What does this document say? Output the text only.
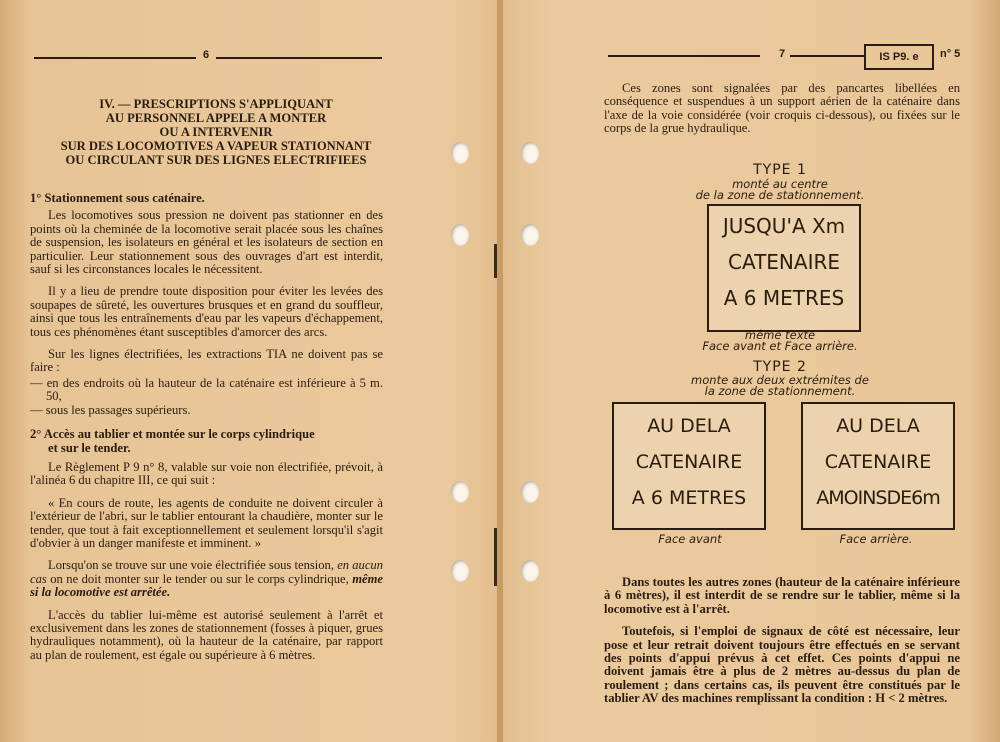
6	7	IS P9. e	n° 5
IV. — PRESCRIPTIONS S'APPLIQUANT
AU PERSONNEL APPELE A MONTER
OU A INTERVENIR
SUR DES LOCOMOTIVES A VAPEUR STATIONNANT
OU CIRCULANT SUR DES LIGNES ELECTRIFIEES
1° Stationnement sous caténaire.

Les locomotives sous pression ne doivent pas stationner en des points où la cheminée de la locomotive serait placée sous les chaînes de suspension, les isolateurs en général et les isolateurs de section en particulier. Leur stationnement sous des ouvrages d'art est interdit, sauf si les circonstances locales le nécessitent.

Il y a lieu de prendre toute disposition pour éviter les levées des soupapes de sûreté, les ouvertures brusques et en grand du souffleur, ainsi que tous les entraînements d'eau par les vapeurs d'échappement, tous ces phénomènes étant susceptibles d'amorcer des arcs.

Sur les lignes électrifiées, les extractions TIA ne doivent pas se faire :

— en des endroits où la hauteur de la caténaire est inférieure à 5 m. 50,

— sous les passages supérieurs.

2° Accès au tablier et montée sur le corps cylindrique
et sur le tender.

Le Règlement P 9 n° 8, valable sur voie non électrifiée, prévoit, à l'alinéa 6 du chapitre III, ce qui suit :

« En cours de route, les agents de conduite ne doivent circuler à l'extérieur de l'abri, sur le tablier entourant la chaudière, monter sur le tender, que tout à fait exceptionnellement et seulement lorsqu'il s'agit d'obvier à un danger manifeste et imminent. »

Lorsqu'on se trouve sur une voie électrifiée sous tension, en aucun cas on ne doit monter sur le tender ou sur le corps cylindrique, même si la locomotive est arrêtée.

L'accès du tablier lui-même est autorisé seulement à l'arrêt et exclusivement dans les zones de stationnement (fosses à piquer, grues hydrauliques notamment), où la hauteur de la caténaire, par rapport au plan de roulement, est égale ou supérieure à 6 mètres.

Ces zones sont signalées par des pancartes libellées en conséquence et suspendues à un support aérien de la caténaire dans l'axe de la voie considérée (voir croquis ci-dessous), ou fixées sur le corps de la grue hydraulique.

TYPE 1
monté au centre
de la zone de stationnement.
JUSQU'A Xm
CATENAIRE
A 6 METRES
même texte
Face avant et Face arrière.
TYPE 2
monte aux deux extrémites de
la zone de stationnement.
AU DELA
CATENAIRE
A 6 METRES
AU DELA
CATENAIRE
AMOINSDE6m
Face avant	Face arrière.

Dans toutes les autres zones (hauteur de la caténaire inférieure à 6 mètres), il est interdit de se rendre sur le tablier, même si la locomotive est à l'arrêt.

Toutefois, si l'emploi de signaux de côté est nécessaire, leur pose et leur retrait doivent toujours être effectués en se servant des points d'appui prévus à cet effet. Ces points d'appui ne doivent jamais être à plus de 2 mètres au-dessus du plan de roulement ; dans certains cas, ils peuvent être constitués par le tablier AV des machines remplissant la condition : H < 2 mètres.
